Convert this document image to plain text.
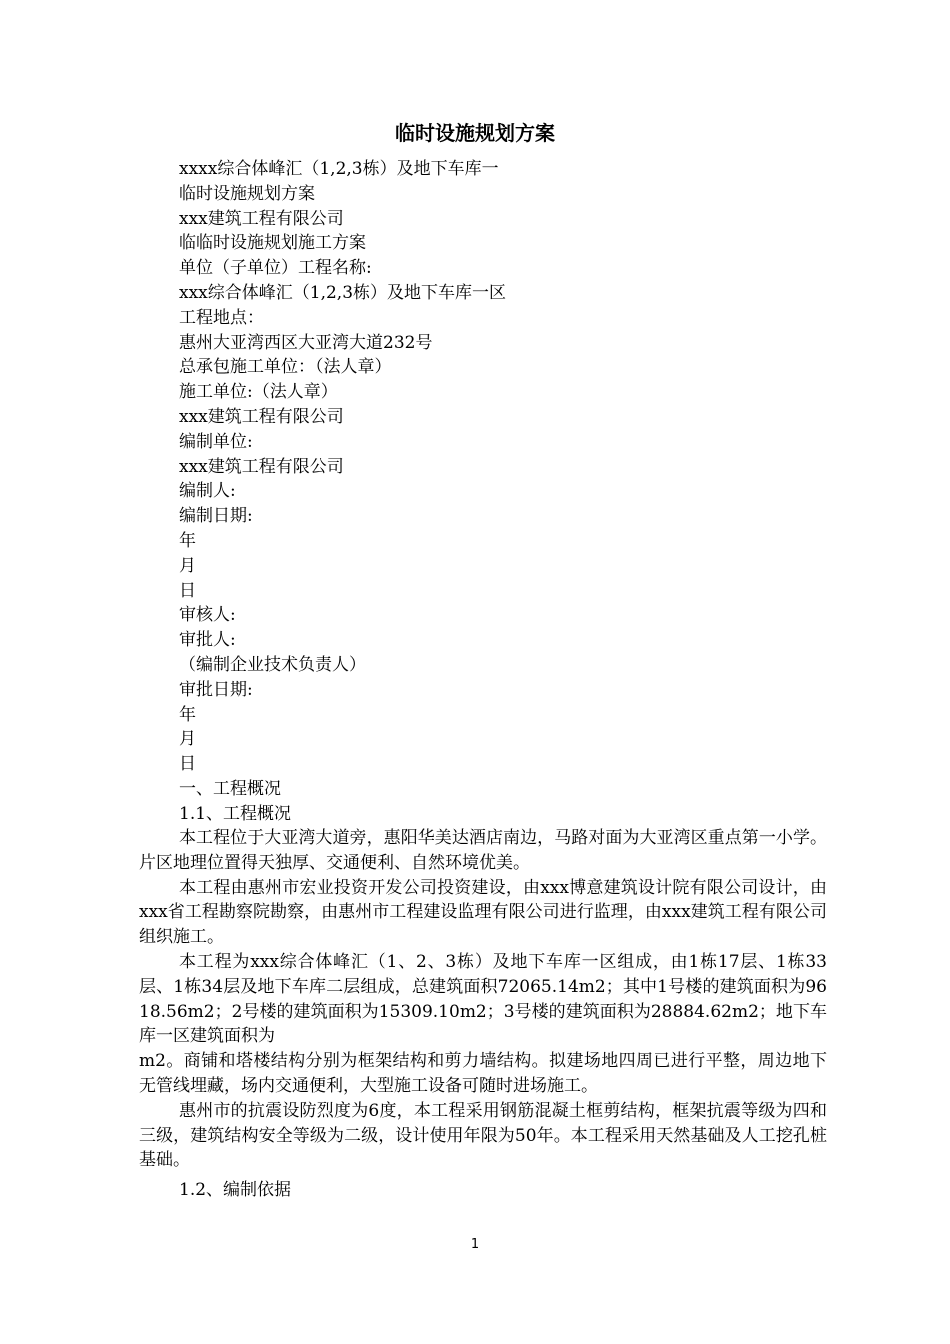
临时设施规划方案
xxxx综合体峰汇（1,2,3栋）及地下车库一
临时设施规划方案
xxx建筑工程有限公司
临临时设施规划施工方案
单位（子单位）工程名称:
xxx综合体峰汇（1,2,3栋）及地下车库一区
工程地点：
惠州大亚湾西区大亚湾大道232号
总承包施工单位：（法人章）
施工单位:（法人章）
xxx建筑工程有限公司
编制单位:
xxx建筑工程有限公司
编制人:
编制日期:
年
月
日
审核人:
审批人:
（编制企业技术负责人）
审批日期:
年
月
日
一、工程概况
1.1、工程概况

本工程位于大亚湾大道旁，惠阳华美达酒店南边，马路对面为大亚湾区重点第一小学。片区地理位置得天独厚、交通便利、自然环境优美。

本工程由惠州市宏业投资开发公司投资建设，由xxx博意建筑设计院有限公司设计，由xxx省工程勘察院勘察，由惠州市工程建设监理有限公司进行监理，由xxx建筑工程有限公司组织施工。

本工程为xxx综合体峰汇（1、2、3栋）及地下车库一区组成，由1栋17层、1栋33层、1栋34层及地下车库二层组成，总建筑面积72065.14m2；其中1号楼的建筑面积为9618.56m2；2号楼的建筑面积为15309.10m2；3号楼的建筑面积为28884.62m2；地下车库一区建筑面积为

m2。商铺和塔楼结构分别为框架结构和剪力墙结构。拟建场地四周已进行平整，周边地下无管线埋藏，场内交通便利，大型施工设备可随时进场施工。

惠州市的抗震设防烈度为6度，本工程采用钢筋混凝土框剪结构，框架抗震等级为四和三级，建筑结构安全等级为二级，设计使用年限为50年。本工程采用天然基础及人工挖孔桩基础。

1.2、编制依据
1
